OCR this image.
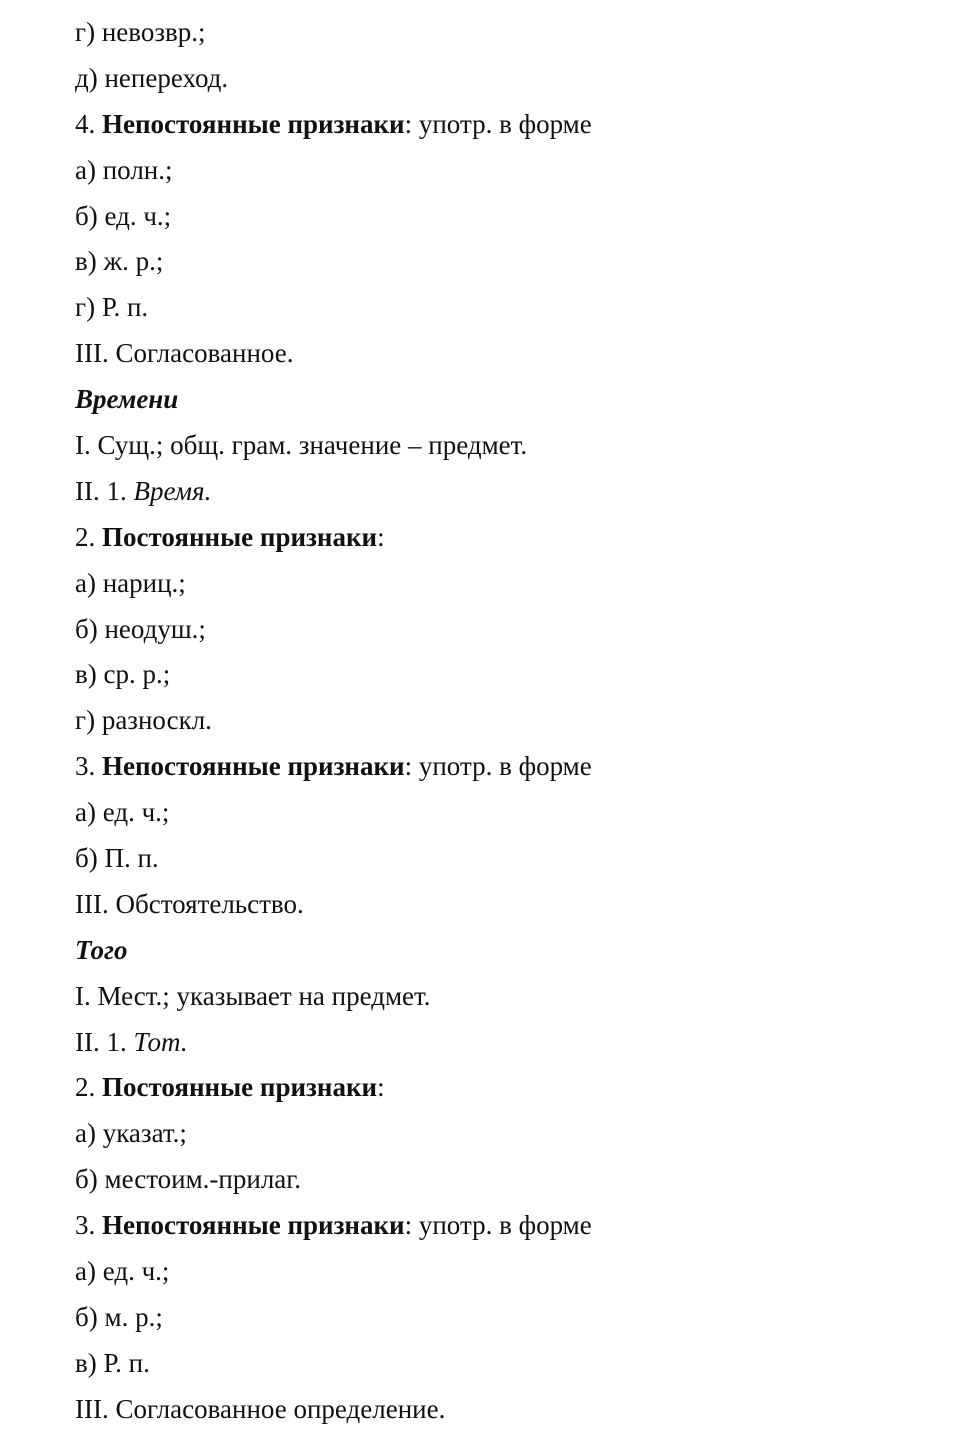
г) невозвр.;
д) непереход.
4. Непостоянные признаки: употр. в форме
а) полн.;
б) ед. ч.;
в) ж. р.;
г) Р. п.
III. Согласованное.
Времени
I. Сущ.; общ. грам. значение – предмет.
II. 1. Время.
2. Постоянные признаки:
а) нариц.;
б) неодуш.;
в) ср. р.;
г) разноскл.
3. Непостоянные признаки: употр. в форме
а) ед. ч.;
б) П. п.
III. Обстоятельство.
Того
I. Мест.; указывает на предмет.
II. 1. Тот.
2. Постоянные признаки:
а) указат.;
б) местоим.-прилаг.
3. Непостоянные признаки: употр. в форме
а) ед. ч.;
б) м. р.;
в) Р. п.
III. Согласованное определение.
